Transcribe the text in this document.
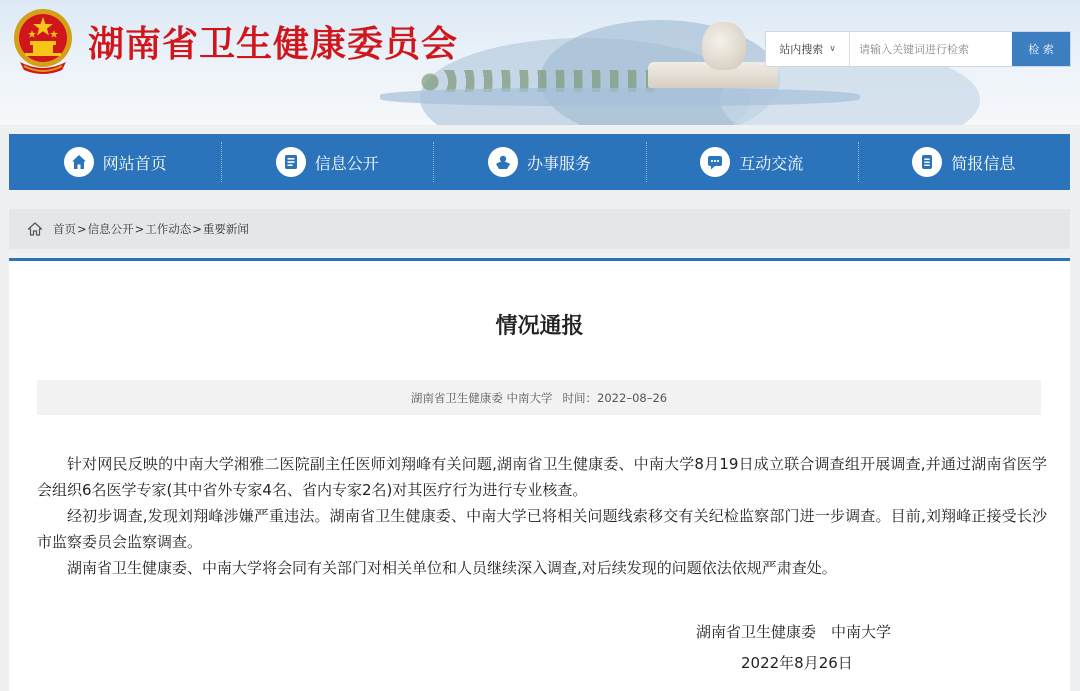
湖南省卫生健康委员会	站内搜索 ∨
请输入关键词进行检索	检 索
网站首页	信息公开	办事服务	互动交流	简报信息
首页 > 信息公开 > 工作动态 > 重要新闻
情况通报
湖南省卫生健康委 中南大学 时间： 2022–08–26

针对网民反映的中南大学湘雅二医院副主任医师刘翔峰有关问题,湖南省卫生健康委、中南大学8月19日成立联合调查组开展调查,并通过湖南省医学会组织6名医学专家(其中省外专家4名、省内专家2名)对其医疗行为进行专业核查。

经初步调查,发现刘翔峰涉嫌严重违法。湖南省卫生健康委、中南大学已将相关问题线索移交有关纪检监察部门进一步调查。目前,刘翔峰正接受长沙市监察委员会监察调查。

湖南省卫生健康委、中南大学将会同有关部门对相关单位和人员继续深入调查,对后续发现的问题依法依规严肃查处。

湖南省卫生健康委　中南大学
2022年8月26日
